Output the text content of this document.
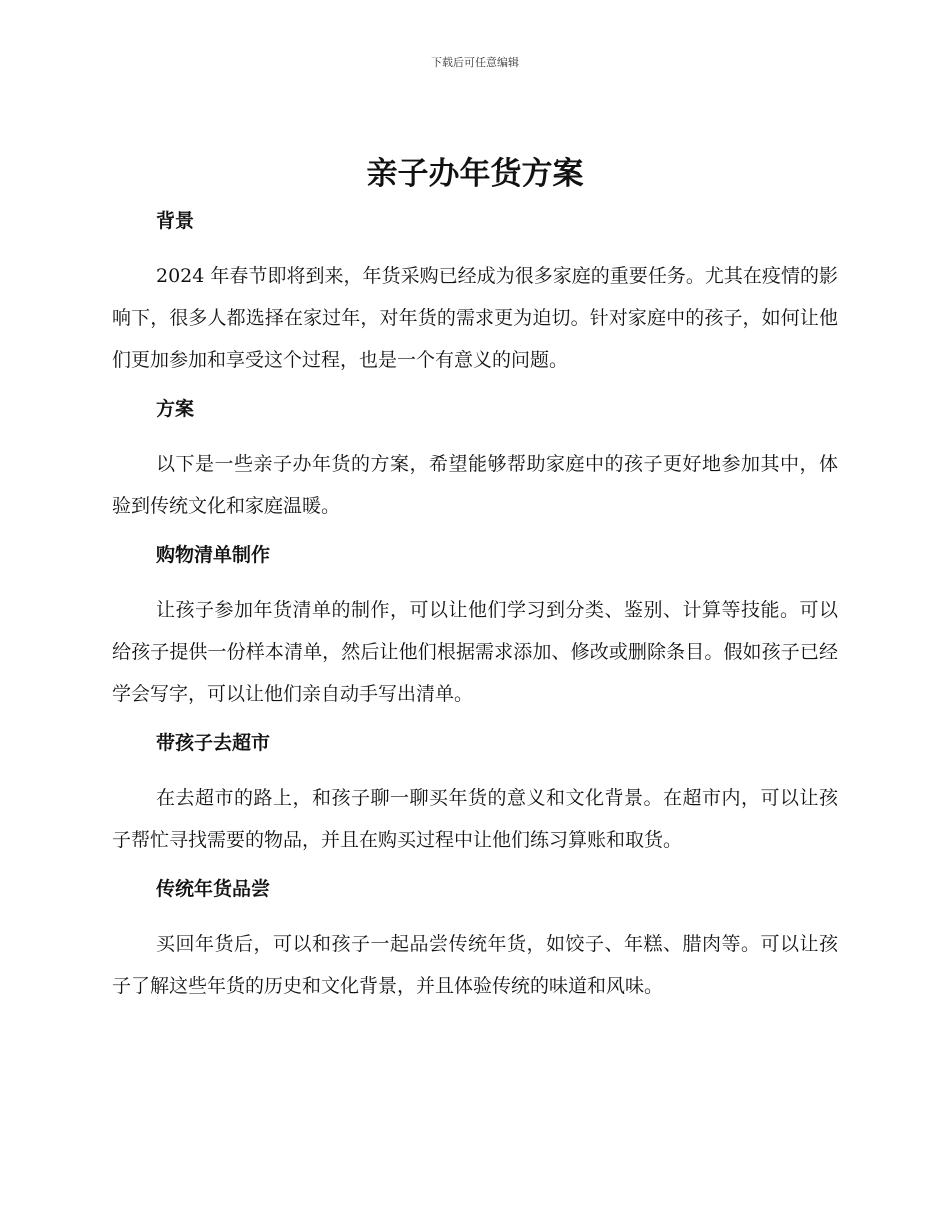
下载后可任意编辑
亲子办年货方案
背景

2024 年春节即将到来，年货采购已经成为很多家庭的重要任务。尤其在疫情的影响下，很多人都选择在家过年，对年货的需求更为迫切。针对家庭中的孩子，如何让他们更加参加和享受这个过程，也是一个有意义的问题。

方案

以下是一些亲子办年货的方案，希望能够帮助家庭中的孩子更好地参加其中，体验到传统文化和家庭温暖。

购物清单制作

让孩子参加年货清单的制作，可以让他们学习到分类、鉴别、计算等技能。可以给孩子提供一份样本清单，然后让他们根据需求添加、修改或删除条目。假如孩子已经学会写字，可以让他们亲自动手写出清单。

带孩子去超市

在去超市的路上，和孩子聊一聊买年货的意义和文化背景。在超市内，可以让孩子帮忙寻找需要的物品，并且在购买过程中让他们练习算账和取货。

传统年货品尝

买回年货后，可以和孩子一起品尝传统年货，如饺子、年糕、腊肉等。可以让孩子了解这些年货的历史和文化背景，并且体验传统的味道和风味。
